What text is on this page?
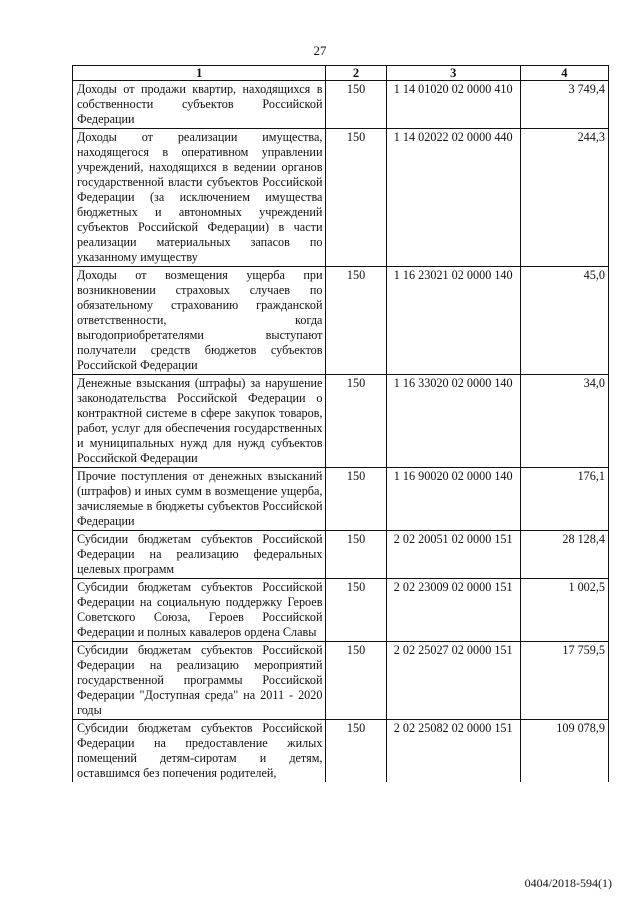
27
1	2	3	4
Доходы от продажи квартир, находящихся в собственности субъектов Российской Федерации	150	1 14 01020 02 0000 410	3 749,4
Доходы от реализации имущества, находящегося в оперативном управлении учреждений, находящихся в ведении органов государственной власти субъектов Российской Федерации (за исключением имущества бюджетных и автономных учреждений субъектов Российской Федерации) в части реализации материальных запасов по указанному имуществу	150	1 14 02022 02 0000 440	244,3
Доходы от возмещения ущерба при возникновении страховых случаев по обязательному страхованию гражданской ответственности, когда выгодоприобретателями выступают получатели средств бюджетов субъектов Российской Федерации	150	1 16 23021 02 0000 140	45,0
Денежные взыскания (штрафы) за нарушение законодательства Российской Федерации о контрактной системе в сфере закупок товаров, работ, услуг для обеспечения государственных и муниципальных нужд для нужд субъектов Российской Федерации	150	1 16 33020 02 0000 140	34,0
Прочие поступления от денежных взысканий (штрафов) и иных сумм в возмещение ущерба, зачисляемые в бюджеты субъектов Российской Федерации	150	1 16 90020 02 0000 140	176,1
Субсидии бюджетам субъектов Российской Федерации на реализацию федеральных целевых программ	150	2 02 20051 02 0000 151	28 128,4
Субсидии бюджетам субъектов Российской Федерации на социальную поддержку Героев Советского Союза, Героев Российской Федерации и полных кавалеров ордена Славы	150	2 02 23009 02 0000 151	1 002,5
Субсидии бюджетам субъектов Российской Федерации на реализацию мероприятий государственной программы Российской Федерации "Доступная среда" на 2011 - 2020 годы	150	2 02 25027 02 0000 151	17 759,5
Субсидии бюджетам субъектов Российской Федерации на предоставление жилых помещений детям-сиротам и детям, оставшимся без попечения родителей,	150	2 02 25082 02 0000 151	109 078,9
0404/2018-594(1)
